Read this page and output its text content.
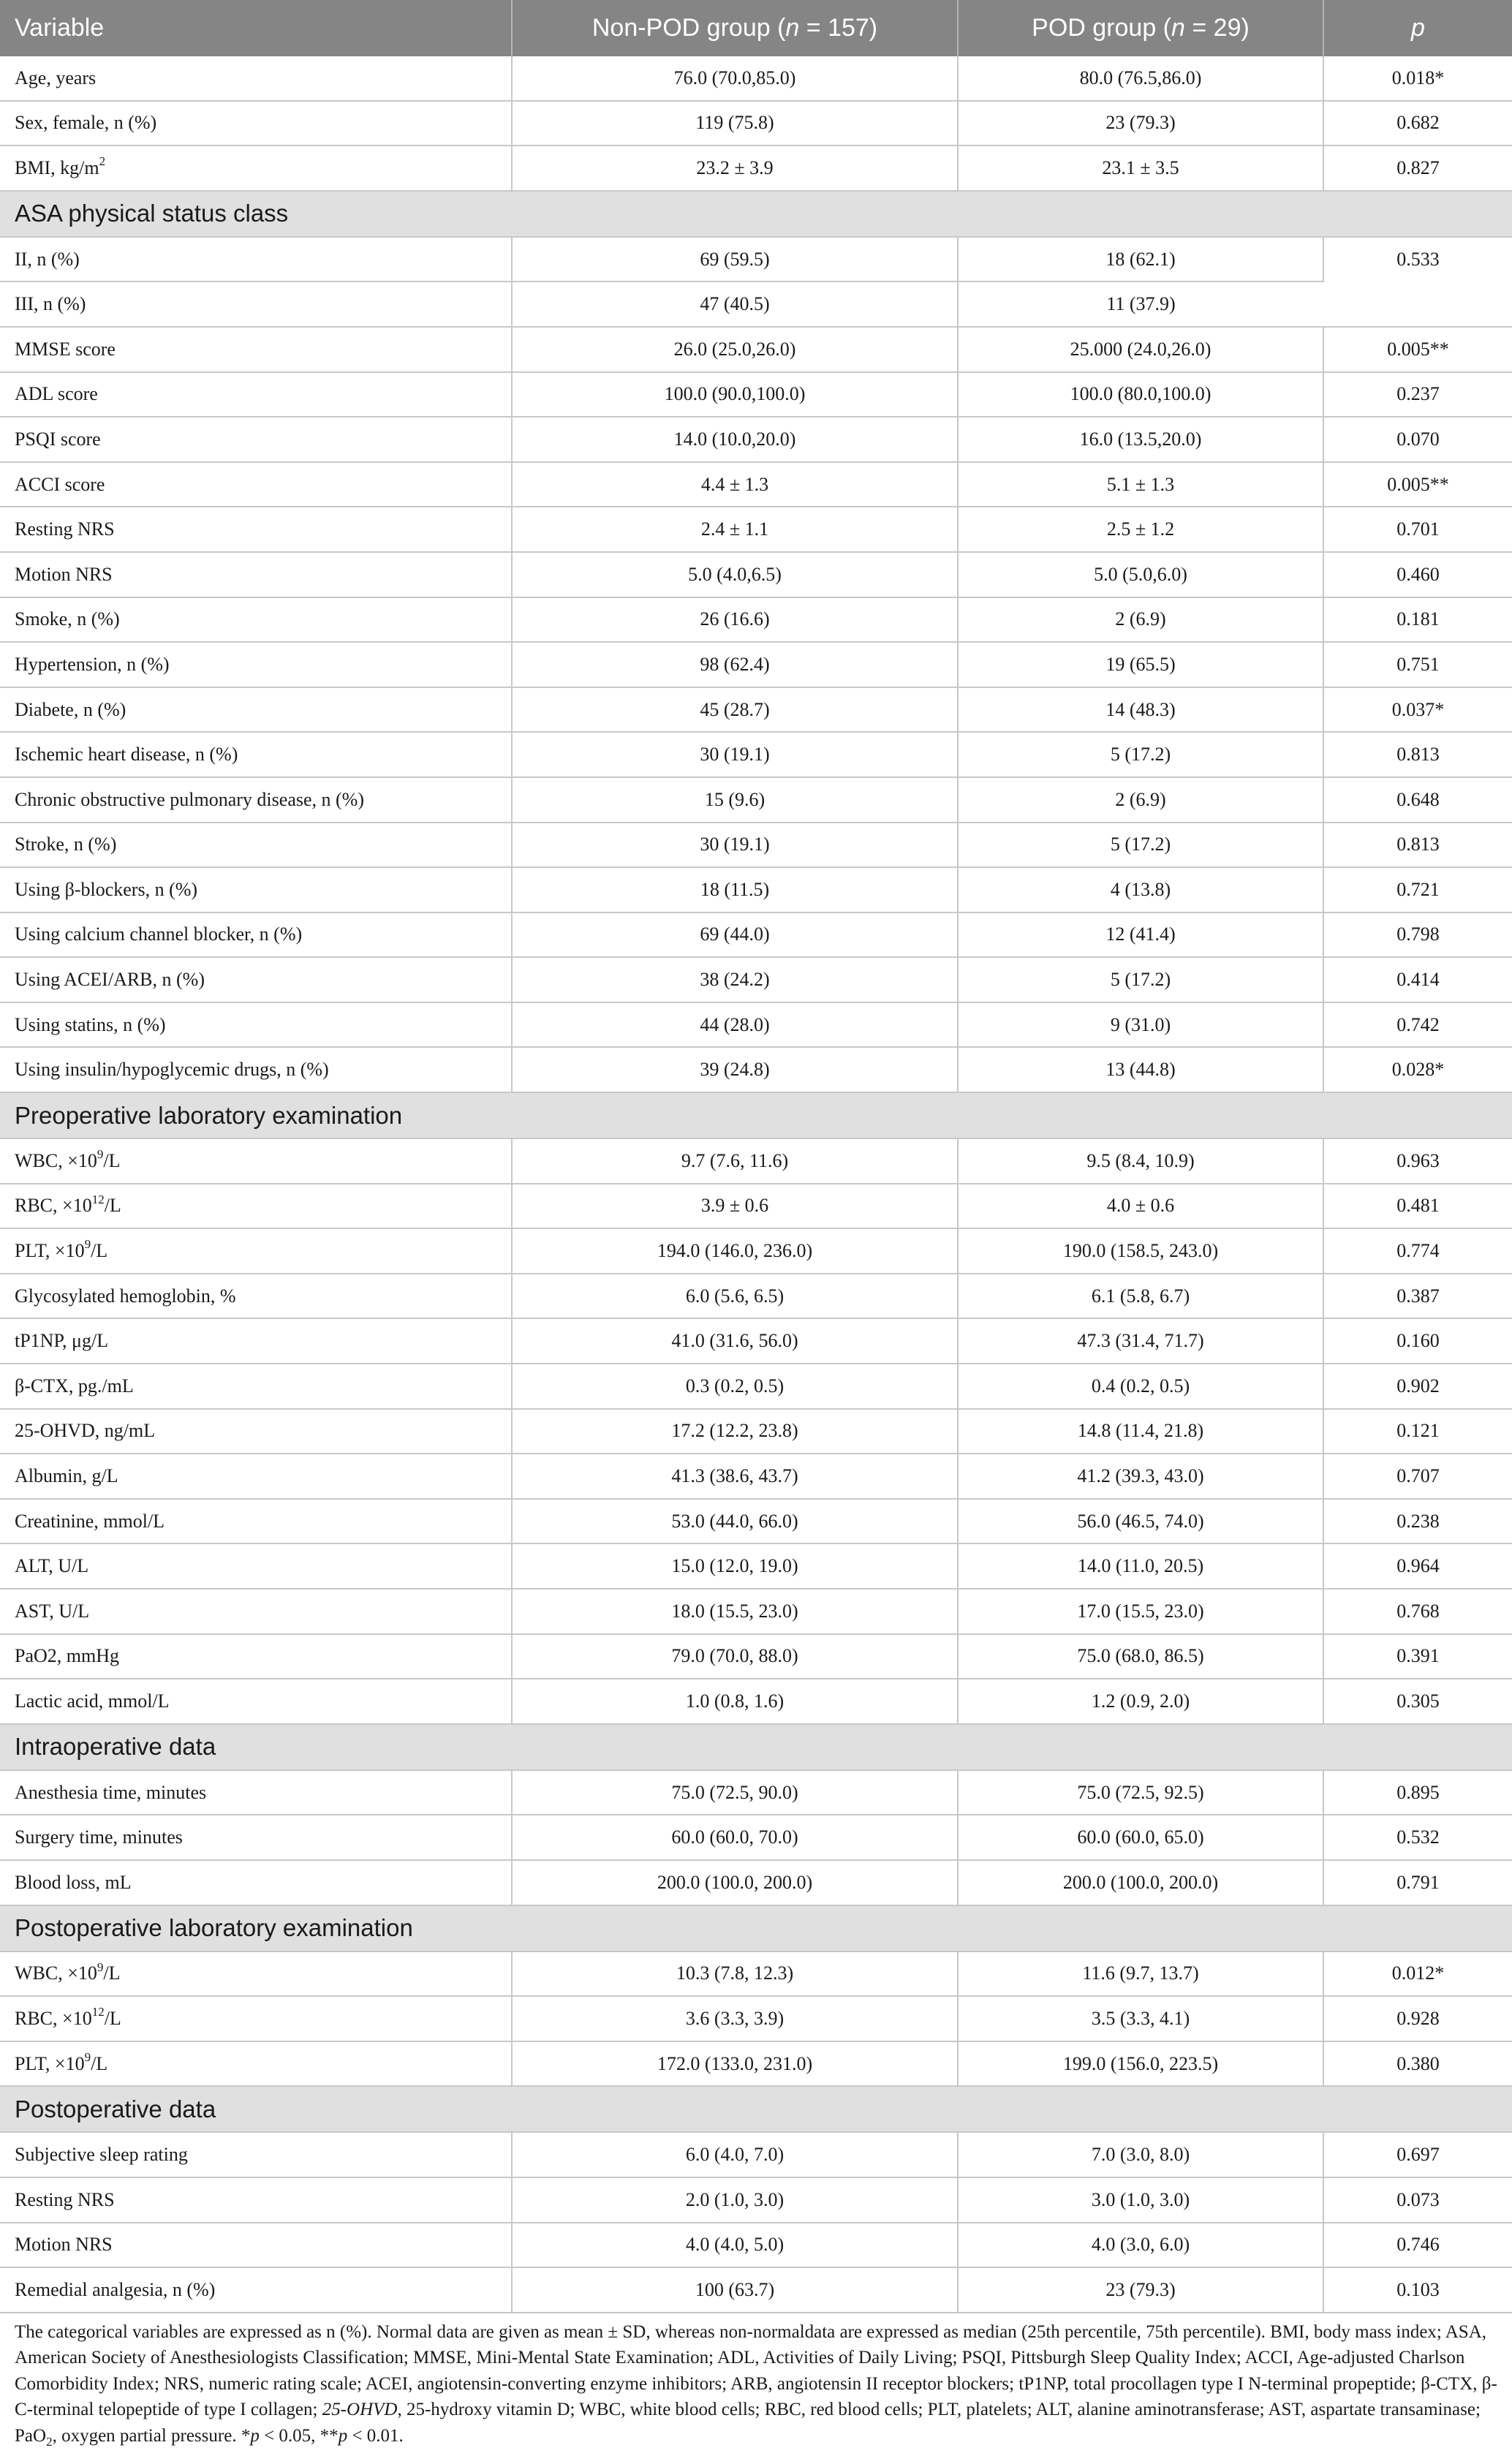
Variable	Non-POD group (n = 157)	POD group (n = 29)	p
Age, years	76.0 (70.0,85.0)	80.0 (76.5,86.0)	0.018*
Sex, female, n (%)	119 (75.8)	23 (79.3)	0.682
BMI, $kg/m^2$	23.2 ± 3.9	23.1 ± 3.5	0.827
ASA physical status class			
II, n (%)	69 (59.5)	18 (62.1)	0.533
III, n (%)	47 (40.5)	11 (37.9)	
MMSE score	26.0 (25.0,26.0)	25.000 (24.0,26.0)	0.005**
ADL score	100.0 (90.0,100.0)	100.0 (80.0,100.0)	0.237
PSQI score	14.0 (10.0,20.0)	16.0 (13.5,20.0)	0.070
ACCI score	4.4 ± 1.3	5.1 ± 1.3	0.005**
Resting NRS	2.4 ± 1.1	2.5 ± 1.2	0.701
Motion NRS	5.0 (4.0,6.5)	5.0 (5.0,6.0)	0.460
Smoke, n (%)	26 (16.6)	2 (6.9)	0.181
Hypertension, n (%)	98 (62.4)	19 (65.5)	0.751
Diabete, n (%)	45 (28.7)	14 (48.3)	0.037*
Ischemic heart disease, n (%)	30 (19.1)	5 (17.2)	0.813
Chronic obstructive pulmonary disease, n (%)	15 (9.6)	2 (6.9)	0.648
Stroke, n (%)	30 (19.1)	5 (17.2)	0.813
Using β-blockers, n (%)	18 (11.5)	4 (13.8)	0.721
Using calcium channel blocker, n (%)	69 (44.0)	12 (41.4)	0.798
Using ACEI/ARB, n (%)	38 (24.2)	5 (17.2)	0.414
Using statins, n (%)	44 (28.0)	9 (31.0)	0.742
Using insulin/hypoglycemic drugs, n (%)	39 (24.8)	13 (44.8)	0.028*
Preoperative laboratory examination			
WBC, $\times 10^9/L$	9.7 (7.6, 11.6)	9.5 (8.4, 10.9)	0.963
RBC, $\times 10^{12}/L$	3.9 ± 0.6	4.0 ± 0.6	0.481
PLT, $\times 10^9/L$	194.0 (146.0, 236.0)	190.0 (158.5, 243.0)	0.774
Glycosylated hemoglobin, %	6.0 (5.6, 6.5)	6.1 (5.8, 6.7)	0.387
tP1NP, μg/L	41.0 (31.6, 56.0)	47.3 (31.4, 71.7)	0.160
β-CTX, pg./mL	0.3 (0.2, 0.5)	0.4 (0.2, 0.5)	0.902
25-OHVD, ng/mL	17.2 (12.2, 23.8)	14.8 (11.4, 21.8)	0.121
Albumin, g/L	41.3 (38.6, 43.7)	41.2 (39.3, 43.0)	0.707
Creatinine, mmol/L	53.0 (44.0, 66.0)	56.0 (46.5, 74.0)	0.238
ALT, U/L	15.0 (12.0, 19.0)	14.0 (11.0, 20.5)	0.964
AST, U/L	18.0 (15.5, 23.0)	17.0 (15.5, 23.0)	0.768
PaO2, mmHg	79.0 (70.0, 88.0)	75.0 (68.0, 86.5)	0.391
Lactic acid, mmol/L	1.0 (0.8, 1.6)	1.2 (0.9, 2.0)	0.305
Intraoperative data			
Anesthesia time, minutes	75.0 (72.5, 90.0)	75.0 (72.5, 92.5)	0.895
Surgery time, minutes	60.0 (60.0, 70.0)	60.0 (60.0, 65.0)	0.532
Blood loss, mL	200.0 (100.0, 200.0)	200.0 (100.0, 200.0)	0.791
Postoperative laboratory examination			
WBC, $\times 10^9/L$	10.3 (7.8, 12.3)	11.6 (9.7, 13.7)	0.012*
RBC, $\times 10^{12}/L$	3.6 (3.3, 3.9)	3.5 (3.3, 4.1)	0.928
PLT, $\times 10^9/L$	172.0 (133.0, 231.0)	199.0 (156.0, 223.5)	0.380
Postoperative data			
Subjective sleep rating	6.0 (4.0, 7.0)	7.0 (3.0, 8.0)	0.697
Resting NRS	2.0 (1.0, 3.0)	3.0 (1.0, 3.0)	0.073
Motion NRS	4.0 (4.0, 5.0)	4.0 (3.0, 6.0)	0.746
Remedial analgesia, n (%)	100 (63.7)	23 (79.3)	0.103
The categorical variables are expressed as n (%). Normal data are given as mean ± SD, whereas non-normaldata are expressed as median (25th percentile, 75th percentile). BMI, body mass index; ASA, American Society of Anesthesiologists Classification; MMSE, Mini-Mental State Examination; ADL, Activities of Daily Living; PSQI, Pittsburgh Sleep Quality Index; ACCI, Age-adjusted Charlson Comorbidity Index; NRS, numeric rating scale; ACEI, angiotensin-converting enzyme inhibitors; ARB, angiotensin II receptor blockers; tP1NP, total procollagen type I N-terminal propeptide; β-CTX, β-C-terminal telopeptide of type I collagen; 25-OHVD, 25-hydroxy vitamin D; WBC, white blood cells; RBC, red blood cells; PLT, platelets; ALT, alanine aminotransferase; AST, aspartate transaminase; PaO$_2$, oxygen partial pressure. *p < 0.05, **p < 0.01.
